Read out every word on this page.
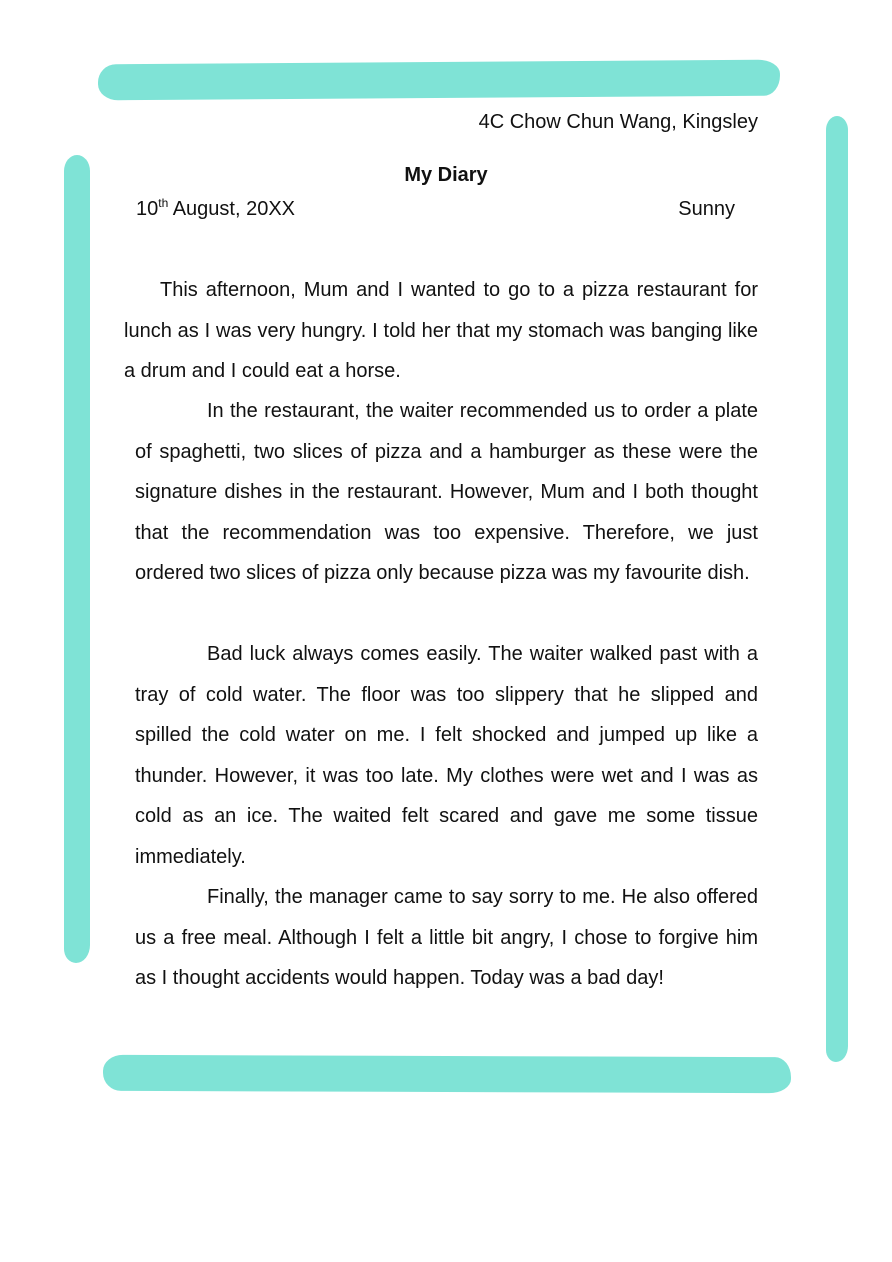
4C Chow Chun Wang, Kingsley
My Diary
10th August, 20XX	Sunny
This afternoon, Mum and I wanted to go to a pizza restaurant for lunch as I was very hungry. I told her that my stomach was banging like a drum and I could eat a horse.
In the restaurant, the waiter recommended us to order a plate of spaghetti, two slices of pizza and a hamburger as these were the signature dishes in the restaurant. However, Mum and I both thought that the recommendation was too expensive. Therefore, we just ordered two slices of pizza only because pizza was my favourite dish.
Bad luck always comes easily. The waiter walked past with a tray of cold water. The floor was too slippery that he slipped and spilled the cold water on me. I felt shocked and jumped up like a thunder. However, it was too late. My clothes were wet and I was as cold as an ice. The waited felt scared and gave me some tissue immediately.
Finally, the manager came to say sorry to me. He also offered us a free meal. Although I felt a little bit angry, I chose to forgive him as I thought accidents would happen. Today was a bad day!
